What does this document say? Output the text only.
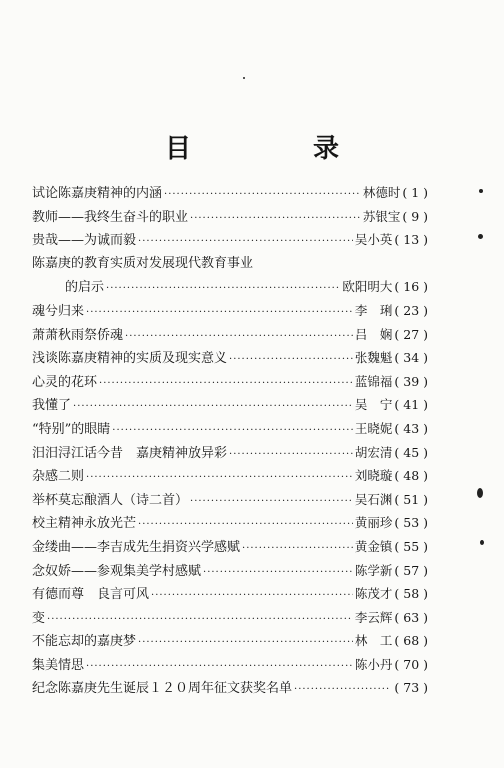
目　录
试论陈嘉庚精神的内涵 ·····	林德时 ( 1 )
教师——我终生奋斗的职业 ·····	苏银宝 ( 9 )
贵哉——为诚而毅 ·····	吴小英 ( 13 )
陈嘉庚的教育实质对发展现代教育事业
的启示 ·····	欧阳明大 ( 16 )
魂兮归来 ·····	李　琍 ( 23 )
萧萧秋雨祭侨魂 ·····	吕　娴 ( 27 )
浅谈陈嘉庚精神的实质及现实意义 ·····	张魏魁 ( 34 )
心灵的花环 ·····	蓝锦福 ( 39 )
我懂了 ·····	吴　宁 ( 41 )
“特别”的眼睛 ·····	王晓妮 ( 43 )
汨汨浔江话今昔　嘉庚精神放异彩 ·····	胡宏清 ( 45 )
杂感二则 ·····	刘晓璇 ( 48 )
举杯莫忘酿酒人（诗二首） ·····	吴石渊 ( 51 )
校主精神永放光芒 ·····	黄丽珍 ( 53 )
金缕曲——李吉成先生捐资兴学感赋 ·····	黄金镇 ( 55 )
念奴娇——参观集美学村感赋 ·····	陈学新 ( 57 )
有德而尊　良言可风 ·····	陈茂才 ( 58 )
变 ·····	李云辉 ( 63 )
不能忘却的嘉庚梦 ·····	林　工 ( 68 )
集美情思 ·····	陈小丹 ( 70 )
纪念陈嘉庚先生诞辰１２０周年征文获奖名单 ·····	( 73 )
